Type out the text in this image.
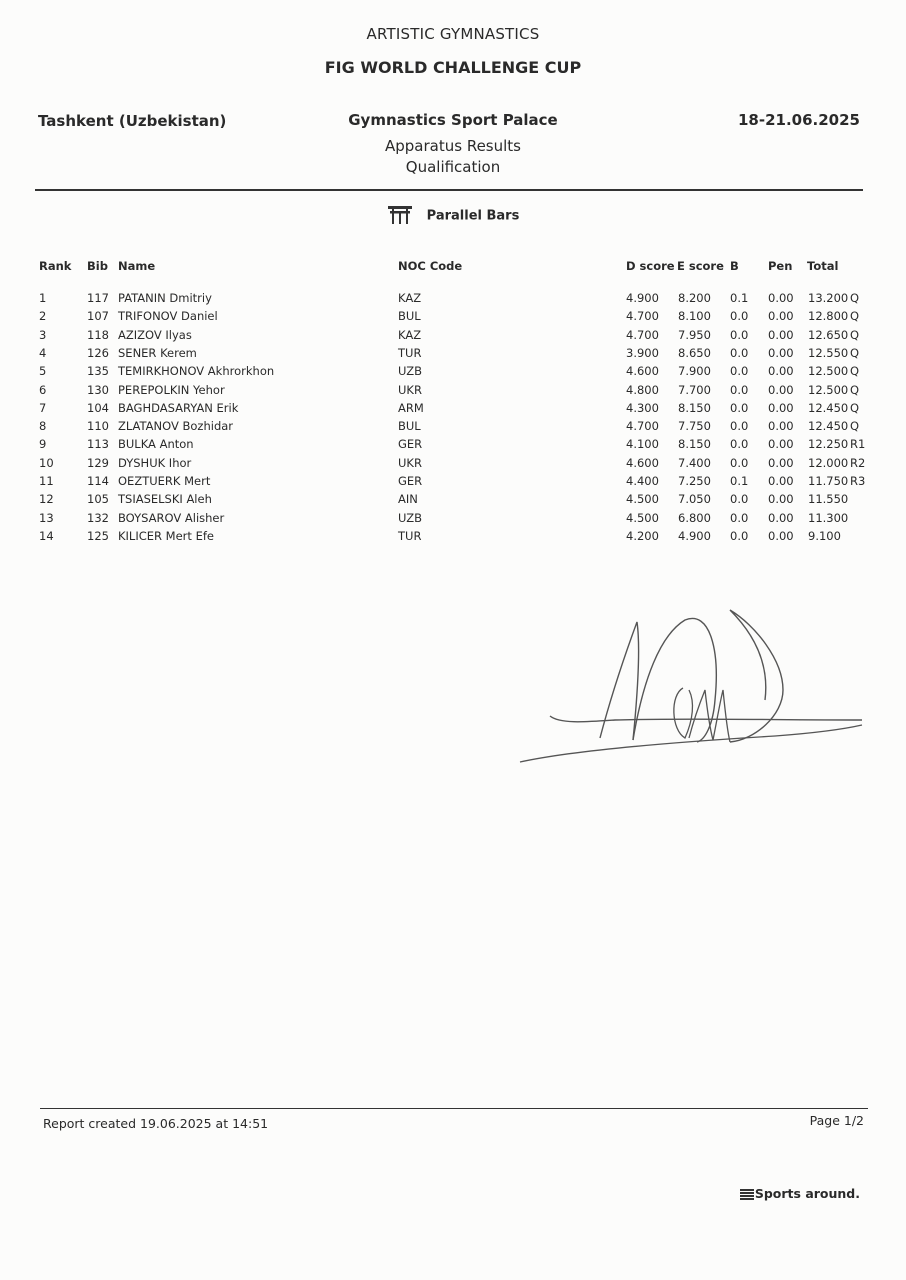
ARTISTIC GYMNASTICS
FIG WORLD CHALLENGE CUP
Tashkent (Uzbekistan)	Gymnastics Sport Palace	18-21.06.2025
Apparatus Results
Qualification
Parallel Bars
Rank Bib Name	NOC Code	D score E score B	Pen Total
1	117 PATANIN Dmitriy	KAZ	4.900 8.200 0.1 0.00 13.200 Q
2	107 TRIFONOV Daniel	BUL	4.700 8.100 0.0 0.00 12.800 Q
3	118 AZIZOV Ilyas	KAZ	4.700 7.950 0.0 0.00 12.650 Q
4	126 SENER Kerem	TUR	3.900 8.650 0.0 0.00 12.550 Q
5	135 TEMIRKHONOV Akhrorkhon	UZB	4.600 7.900 0.0 0.00 12.500 Q
6	130 PEREPOLKIN Yehor	UKR	4.800 7.700 0.0 0.00 12.500 Q
7	104 BAGHDASARYAN Erik	ARM	4.300 8.150 0.0 0.00 12.450 Q
8	110 ZLATANOV Bozhidar	BUL	4.700 7.750 0.0 0.00 12.450 Q
9	113 BULKA Anton	GER	4.100 8.150 0.0 0.00 12.250 R1
10	129 DYSHUK Ihor	UKR	4.600 7.400 0.0 0.00 12.000 R2
11	114 OEZTUERK Mert	GER	4.400 7.250 0.1 0.00 11.750 R3
12	105 TSIASELSKI Aleh	AIN	4.500 7.050 0.0 0.00 11.550
13	132 BOYSAROV Alisher	UZB	4.500 6.800 0.0 0.00 11.300
14	125 KILICER Mert Efe	TUR	4.200 4.900 0.0 0.00 9.100
Report created 19.06.2025 at 14:51	Page 1/2
Sports around.
